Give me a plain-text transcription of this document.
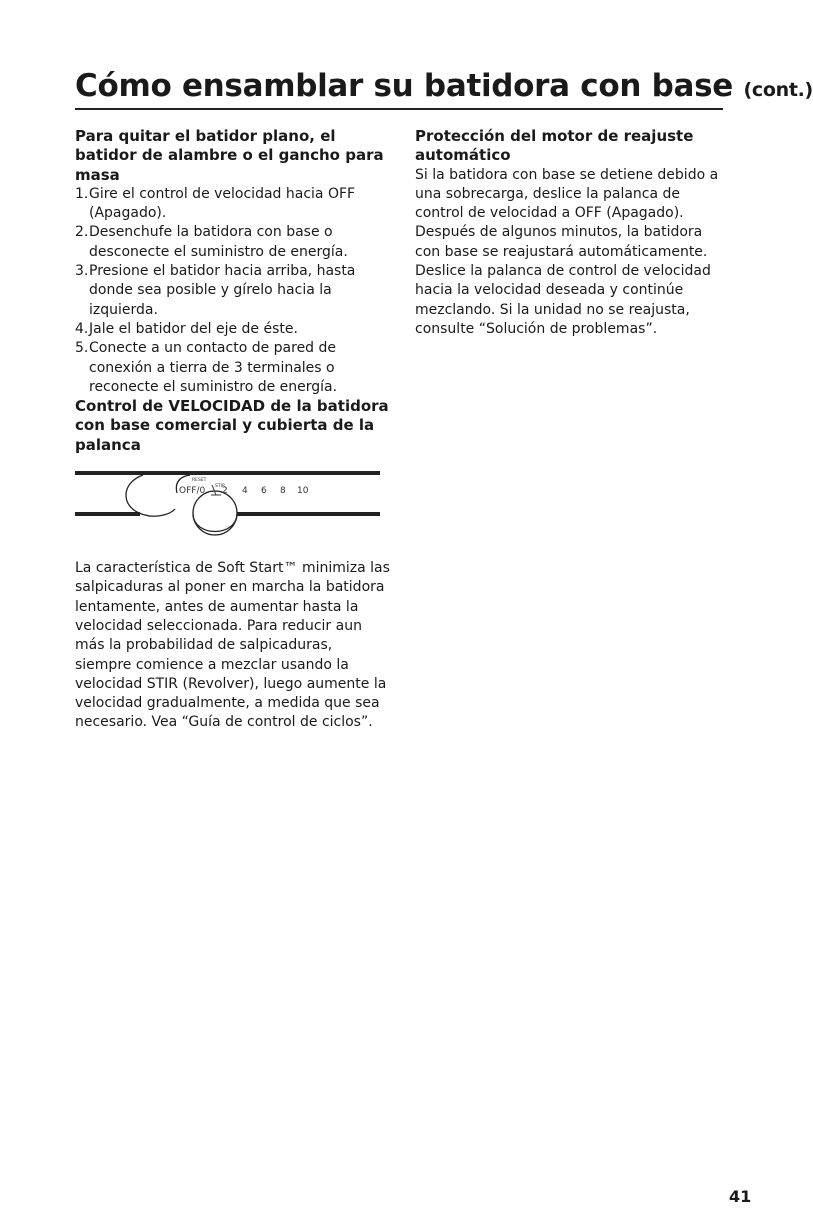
Cómo ensamblar su batidora con base (cont.)

Para quitar el batidor plano, el batidor de alambre o el gancho para masa

1. Gire el control de velocidad hacia OFF (Apagado).
2. Desenchufe la batidora con base o desconecte el suministro de energía.
3. Presione el batidor hacia arriba, hasta donde sea posible y gírelo hacia la izquierda.
4. Jale el batidor del eje de éste.
5. Conecte a un contacto de pared de conexión a tierra de 3 terminales o reconecte el suministro de energía.

Control de VELOCIDAD de la batidora con base comercial y cubierta de la palanca

RESET
STIR
OFF/0 2 4 6 8 10

La característica de Soft Start™ minimiza las salpicaduras al poner en marcha la batidora lentamente, antes de aumentar hasta la velocidad seleccionada. Para reducir aun más la probabilidad de salpicaduras, siempre comience a mezclar usando la velocidad STIR (Revolver), luego aumente la velocidad gradualmente, a medida que sea necesario. Vea “Guía de control de ciclos”.

Protección del motor de reajuste automático

Si la batidora con base se detiene debido a una sobrecarga, deslice la palanca de control de velocidad a OFF (Apagado). Después de algunos minutos, la batidora con base se reajustará automáticamente. Deslice la palanca de control de velocidad hacia la velocidad deseada y continúe mezclando. Si la unidad no se reajusta, consulte “Solución de problemas”.

41
